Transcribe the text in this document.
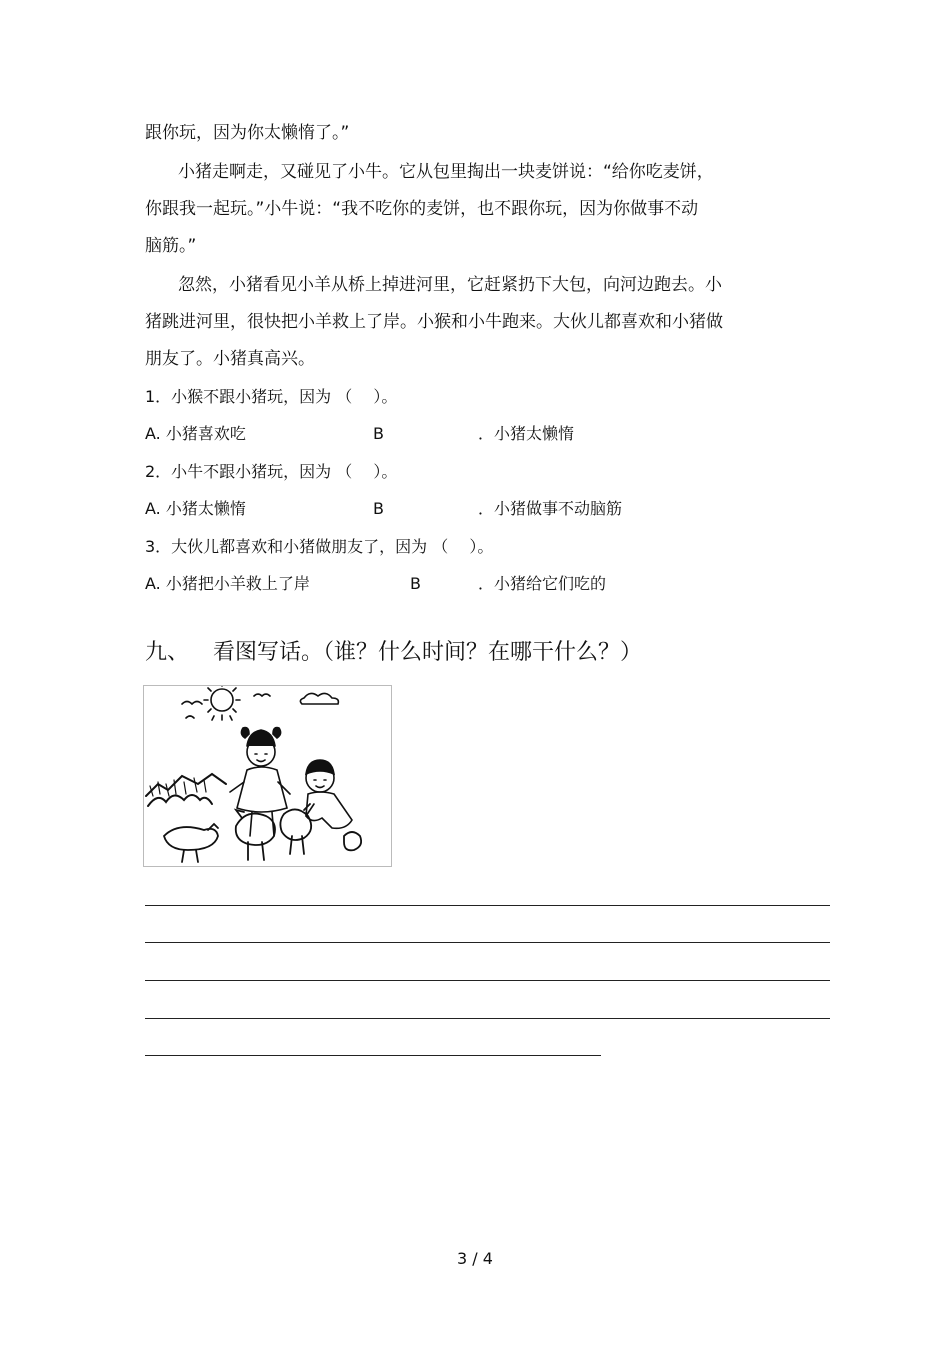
跟你玩，因为你太懒惰了。”
小猪走啊走，又碰见了小牛。它从包里掏出一块麦饼说：“给你吃麦饼，
你跟我一起玩。”小牛说：“我不吃你的麦饼，也不跟你玩，因为你做事不动
脑筋。”
忽然，小猪看见小羊从桥上掉进河里，它赶紧扔下大包，向河边跑去。小
猪跳进河里，很快把小羊救上了岸。小猴和小牛跑来。大伙儿都喜欢和小猪做
朋友了。小猪真高兴。
1．小猴不跟小猪玩，因为 （　 ）。
A. 小猪喜欢吃	B	．小猪太懒惰
2．小牛不跟小猪玩，因为 （　 ）。
A. 小猪太懒惰	B	．小猪做事不动脑筋
3．大伙儿都喜欢和小猪做朋友了，因为 （　 ）。
A. 小猪把小羊救上了岸	B	．小猪给它们吃的
九、 看图写话。（谁？什么时间？在哪干什么？）
3 / 4
